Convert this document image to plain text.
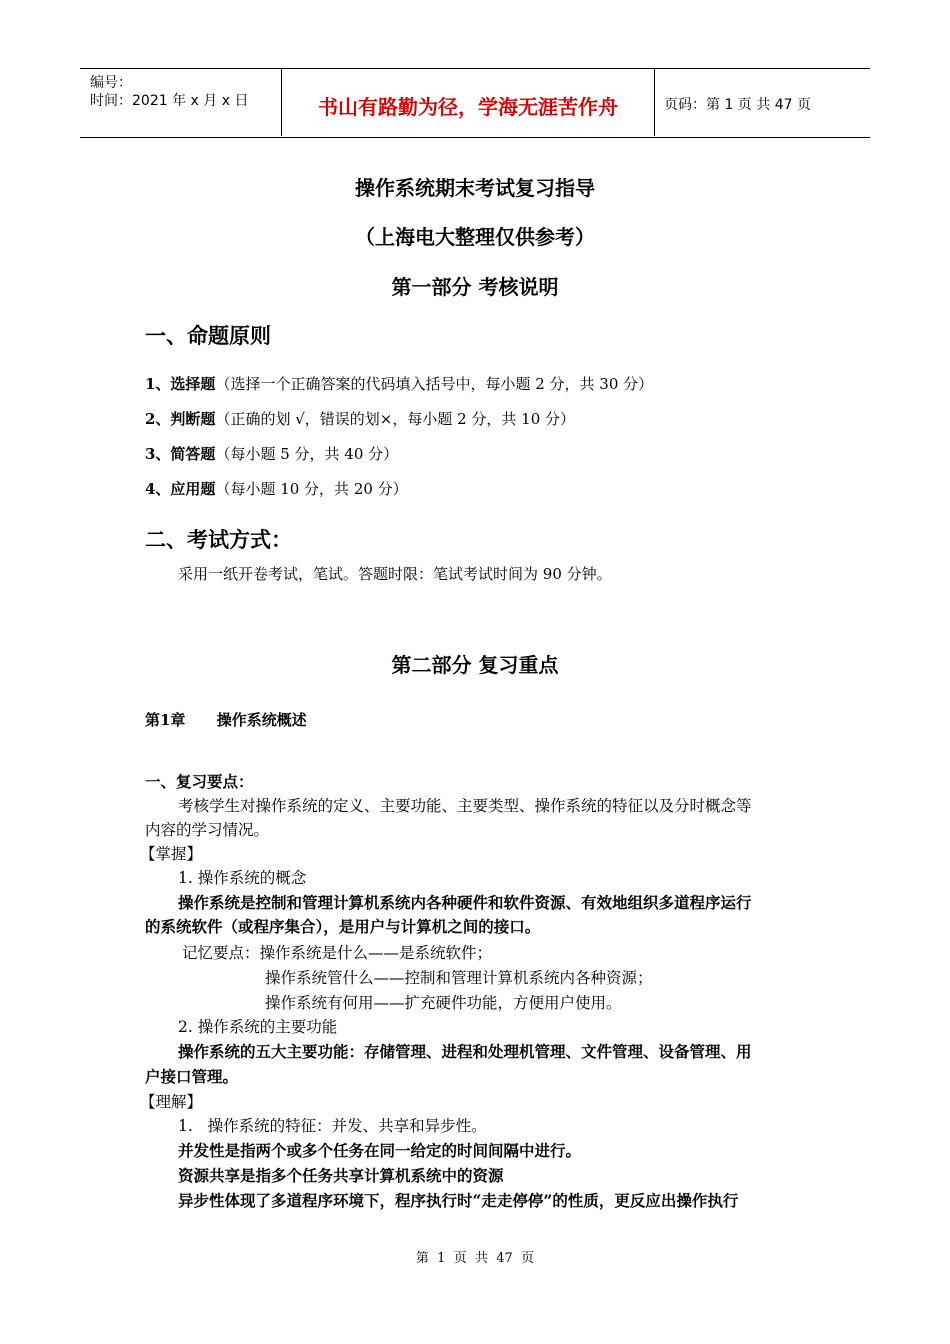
编号：
时间：2021 年 x 月 x 日	书山有路勤为径，学海无涯苦作舟	页码：第 1 页 共 47 页
操作系统期末考试复习指导
（上海电大整理仅供参考）
第一部分 考核说明
一、命题原则
1、选择题（选择一个正确答案的代码填入括号中，每小题 2 分，共 30 分）
2、判断题（正确的划 √，错误的划×，每小题 2 分，共 10 分）
3、简答题（每小题 5 分，共 40 分）
4、应用题（每小题 10 分，共 20 分）
二、考试方式：
采用一纸开卷考试，笔试。答题时限：笔试考试时间为 90 分钟。
第二部分 复习重点
第1章      操作系统概述
一、复习要点：
考核学生对操作系统的定义、主要功能、主要类型、操作系统的特征以及分时概念等
内容的学习情况。
【掌握】
1. 操作系统的概念
操作系统是控制和管理计算机系统内各种硬件和软件资源、有效地组织多道程序运行
的系统软件（或程序集合），是用户与计算机之间的接口。
记忆要点：操作系统是什么——是系统软件；
操作系统管什么——控制和管理计算机系统内各种资源；
操作系统有何用——扩充硬件功能，方便用户使用。
2. 操作系统的主要功能
操作系统的五大主要功能：存储管理、进程和处理机管理、文件管理、设备管理、用
户接口管理。
【理解】
1.   操作系统的特征：并发、共享和异步性。
并发性是指两个或多个任务在同一给定的时间间隔中进行。
资源共享是指多个任务共享计算机系统中的资源
异步性体现了多道程序环境下，程序执行时“走走停停”的性质，更反应出操作执行
第  1  页  共  47  页
